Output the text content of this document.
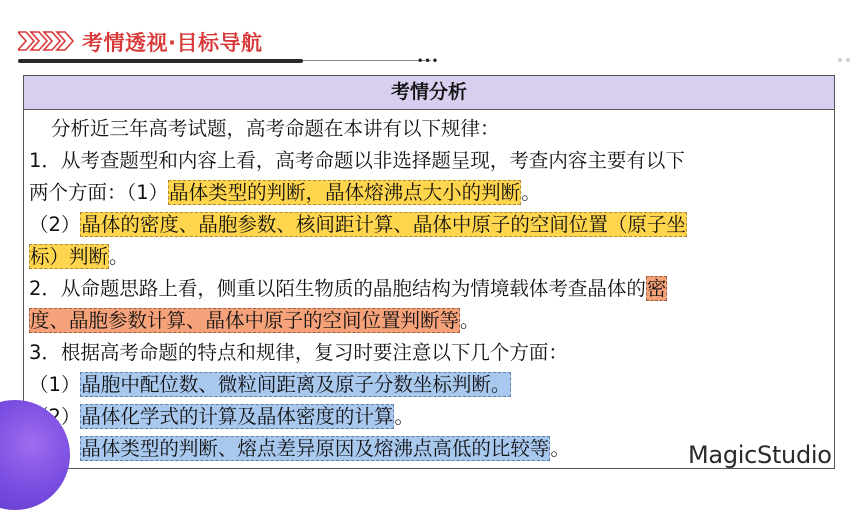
考情透视·目标导航
•••
考情分析

分析近三年高考试题，高考命题在本讲有以下规律：

1．从考查题型和内容上看，高考命题以非选择题呈现，考查内容主要有以下

两个方面：（1）晶体类型的判断，晶体熔沸点大小的判断。

（2）晶体的密度、晶胞参数、核间距计算、晶体中原子的空间位置（原子坐

标）判断。

2．从命题思路上看，侧重以陌生物质的晶胞结构为情境载体考查晶体的密

度、晶胞参数计算、晶体中原子的空间位置判断等。

3．根据高考命题的特点和规律，复习时要注意以下几个方面：

（1）晶胞中配位数、微粒间距离及原子分数坐标判断。

晶体化学式的计算及晶体密度的计算。

晶体类型的判断、熔点差异原因及熔沸点高低的比较等。	MagicStudio
